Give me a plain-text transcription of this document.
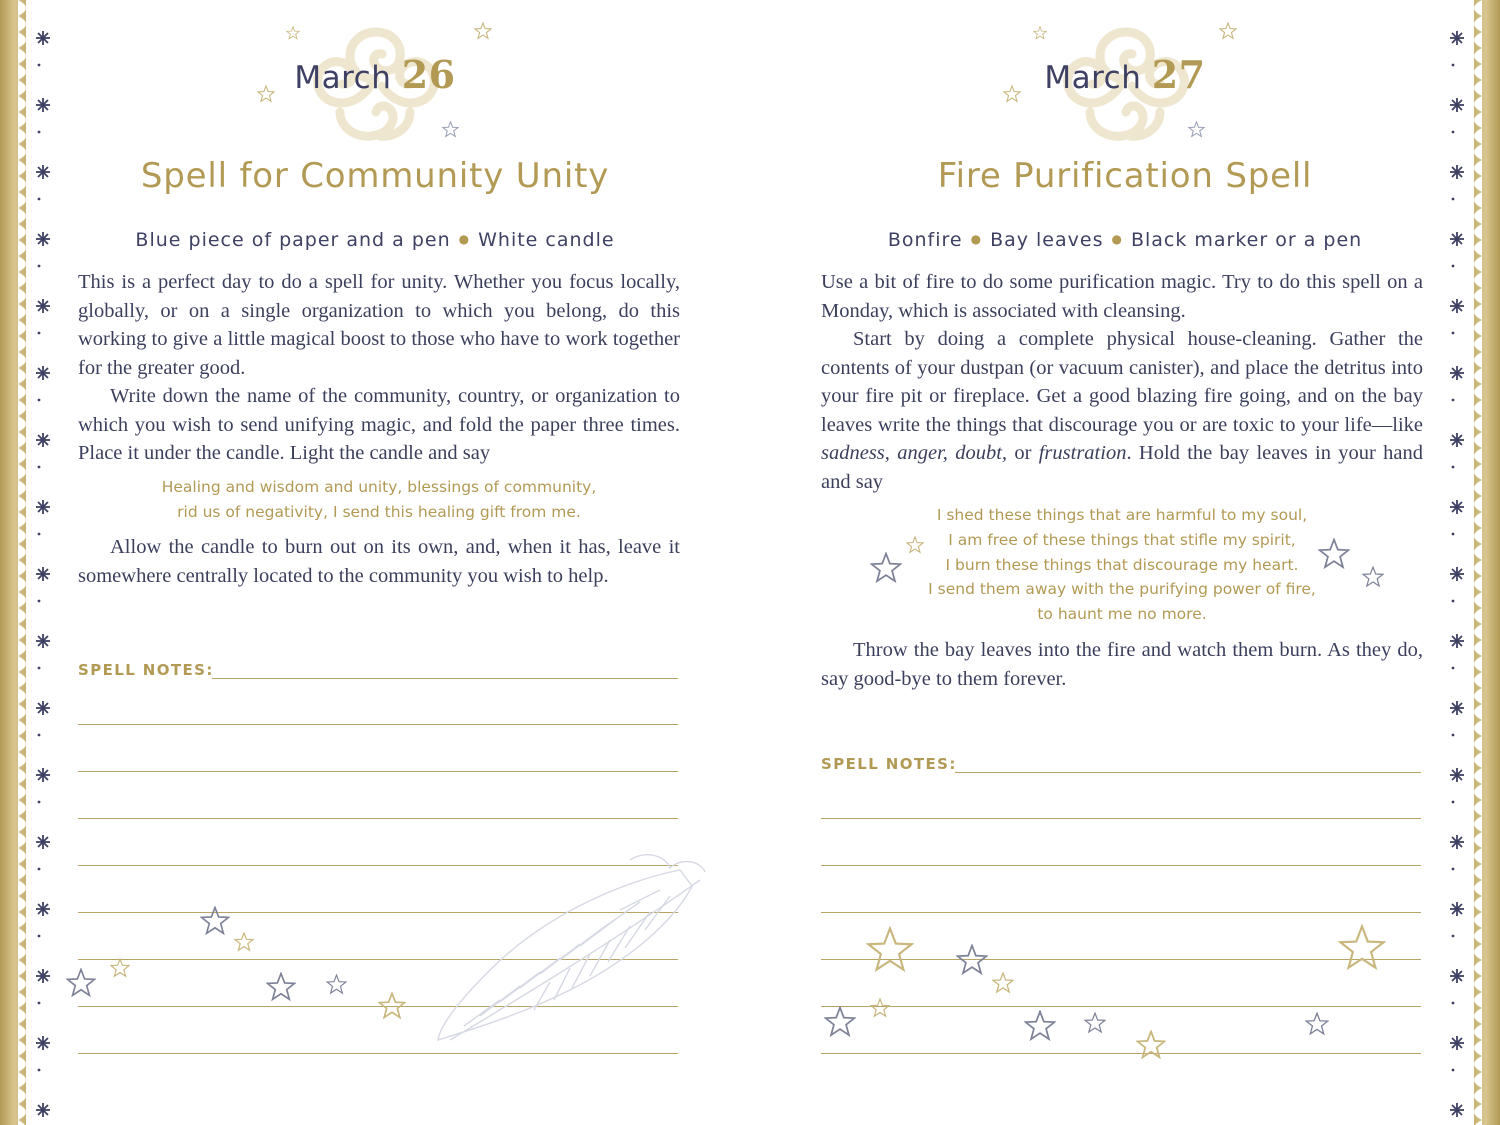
March 26
Spell for Community Unity
Blue piece of paper and a pen ● White candle

This is a perfect day to do a spell for unity. Whether you focus locally, globally, or on a single organization to which you belong, do this working to give a little magical boost to those who have to work together for the greater good.

Write down the name of the community, country, or organization to which you wish to send unifying magic, and fold the paper three times. Place it under the candle. Light the candle and say

Healing and wisdom and unity, blessings of community,
rid us of negativity, I send this healing gift from me.

Allow the candle to burn out on its own, and, when it has, leave it somewhere centrally located to the community you wish to help.

SPELL NOTES:
March 27
Fire Purification Spell
Bonfire ● Bay leaves ● Black marker or a pen

Use a bit of fire to do some purification magic. Try to do this spell on a Monday, which is associated with cleansing.

Start by doing a complete physical house-cleaning. Gather the contents of your dustpan (or vacuum canister), and place the detritus into your fire pit or fireplace. Get a good blazing fire going, and on the bay leaves write the things that discourage you or are toxic to your life—like sadness, anger, doubt, or frustration. Hold the bay leaves in your hand and say

I shed these things that are harmful to my soul,
I am free of these things that stifle my spirit,
I burn these things that discourage my heart.
I send them away with the purifying power of fire,
to haunt me no more.

Throw the bay leaves into the fire and watch them burn. As they do, say good-bye to them forever.

SPELL NOTES:
